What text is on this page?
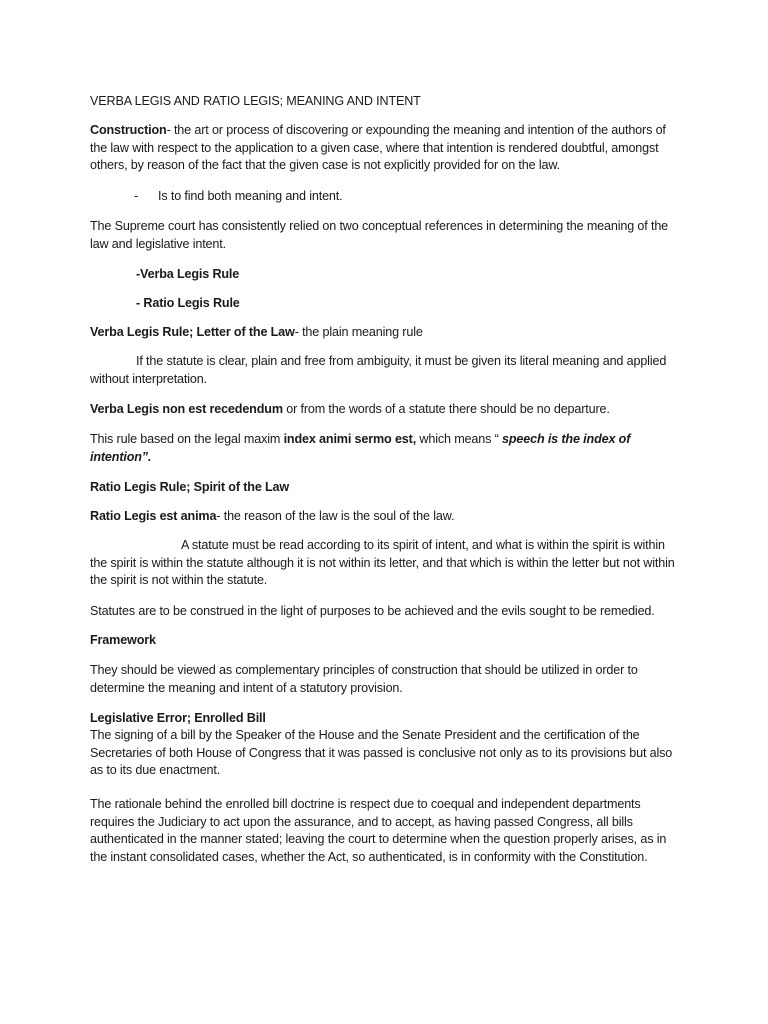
VERBA LEGIS AND RATIO LEGIS; MEANING AND INTENT

Construction- the art or process of discovering or expounding the meaning and intention of the authors of the law with respect to the application to a given case, where that intention is rendered doubtful, amongst others, by reason of the fact that the given case is not explicitly provided for on the law.

- Is to find both meaning and intent.

The Supreme court has consistently relied on two conceptual references in determining the meaning of the law and legislative intent.

-Verba Legis Rule

- Ratio Legis Rule

Verba Legis Rule; Letter of the Law- the plain meaning rule

If the statute is clear, plain and free from ambiguity, it must be given its literal meaning and applied without interpretation.

Verba Legis non est recedendum or from the words of a statute there should be no departure.

This rule based on the legal maxim index animi sermo est, which means “ speech is the index of intention”.

Ratio Legis Rule; Spirit of the Law

Ratio Legis est anima- the reason of the law is the soul of the law.

A statute must be read according to its spirit of intent, and what is within the spirit is within the spirit is within the statute although it is not within its letter, and that which is within the letter but not within the spirit is not within the statute.

Statutes are to be construed in the light of purposes to be achieved and the evils sought to be remedied.

Framework

They should be viewed as complementary principles of construction that should be utilized in order to determine the meaning and intent of a statutory provision.

Legislative Error; Enrolled Bill

The signing of a bill by the Speaker of the House and the Senate President and the certification of the Secretaries of both House of Congress that it was passed is conclusive not only as to its provisions but also as to its due enactment.

The rationale behind the enrolled bill doctrine is respect due to coequal and independent departments requires the Judiciary to act upon the assurance, and to accept, as having passed Congress, all bills authenticated in the manner stated; leaving the court to determine when the question properly arises, as in the instant consolidated cases, whether the Act, so authenticated, is in conformity with the Constitution.
